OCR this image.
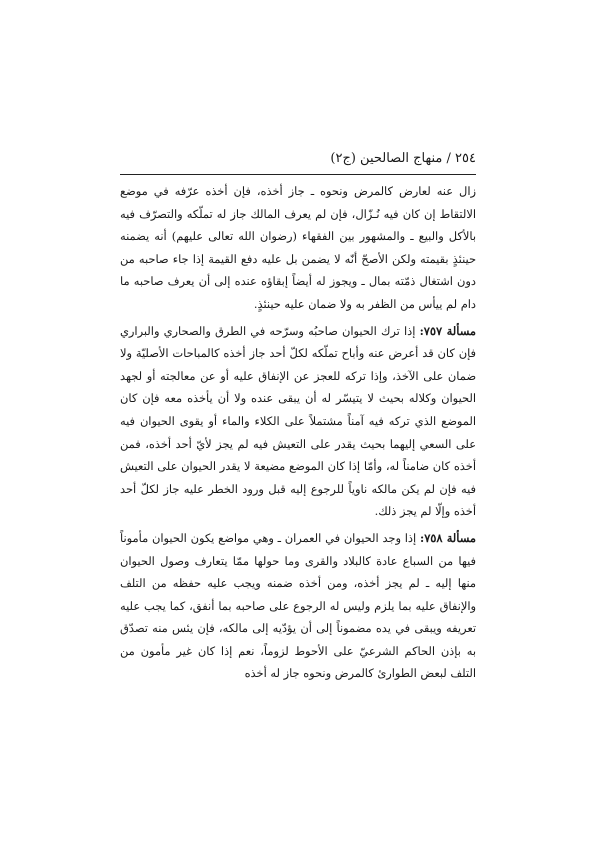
٢٥٤ / منهاج الصالحين (ج٢)

زال عنه لعارض كالمرض ونحوه ـ جاز أخذه، فإن أخذه عرّفه في موضع الالتقاط إن كان فيه نُـزّال، فإن لم يعرف المالك جاز له تملّكه والتصرّف فيه بالأكل والبيع ـ والمشهور بين الفقهاء (رضوان الله تعالى عليهم) أنه يضمنه حينئذٍ بقيمته ولكن الأصحّ أنّه لا يضمن بل عليه دفع القيمة إذا جاء صاحبه من دون اشتغال ذمّته بمال ـ ويجوز له أيضاً إبقاؤه عنده إلى أن يعرف صاحبه ما دام لم ييأس من الظفر به ولا ضمان عليه حينئذٍ.

مسألة ٧٥٧: إذا ترك الحيوان صاحبُه وسرّحه في الطرق والصحاري والبراري فإن كان قد أعرض عنه وأباح تملّكه لكلّ أحد جاز أخذه كالمباحات الأصليّة ولا ضمان على الآخذ، وإذا تركه للعجز عن الإنفاق عليه أو عن معالجته أو لجهد الحيوان وكلاله بحيث لا يتيسّر له أن يبقى عنده ولا أن يأخذه معه فإن كان الموضع الذي تركه فيه آمناً مشتملاً على الكلاء والماء أو يقوى الحيوان فيه على السعي إليهما بحيث يقدر على التعيش فيه لم يجز لأيّ أحد أخذه، فمن أخذه كان ضامناً له، وأمّا إذا كان الموضع مضيعة لا يقدر الحيوان على التعيش فيه فإن لم يكن مالكه ناوياً للرجوع إليه قبل ورود الخطر عليه جاز لكلّ أحد أخذه وإلّا لم يجز ذلك.

مسألة ٧٥٨: إذا وجد الحيوان في العمران ـ وهي مواضع يكون الحيوان مأموناً فيها من السباع عادة كالبلاد والقرى وما حولها ممّا يتعارف وصول الحيوان منها إليه ـ لم يجز أخذه، ومن أخذه ضمنه ويجب عليه حفظه من التلف والإنفاق عليه بما يلزم وليس له الرجوع على صاحبه بما أنفق، كما يجب عليه تعريفه ويبقى في يده مضموناً إلى أن يؤدّيه إلى مالكه، فإن يئس منه تصدّق به بإذن الحاكم الشرعيّ على الأحوط لزوماً، نعم إذا كان غير مأمون من التلف لبعض الطوارئ كالمرض ونحوه جاز له أخذه
